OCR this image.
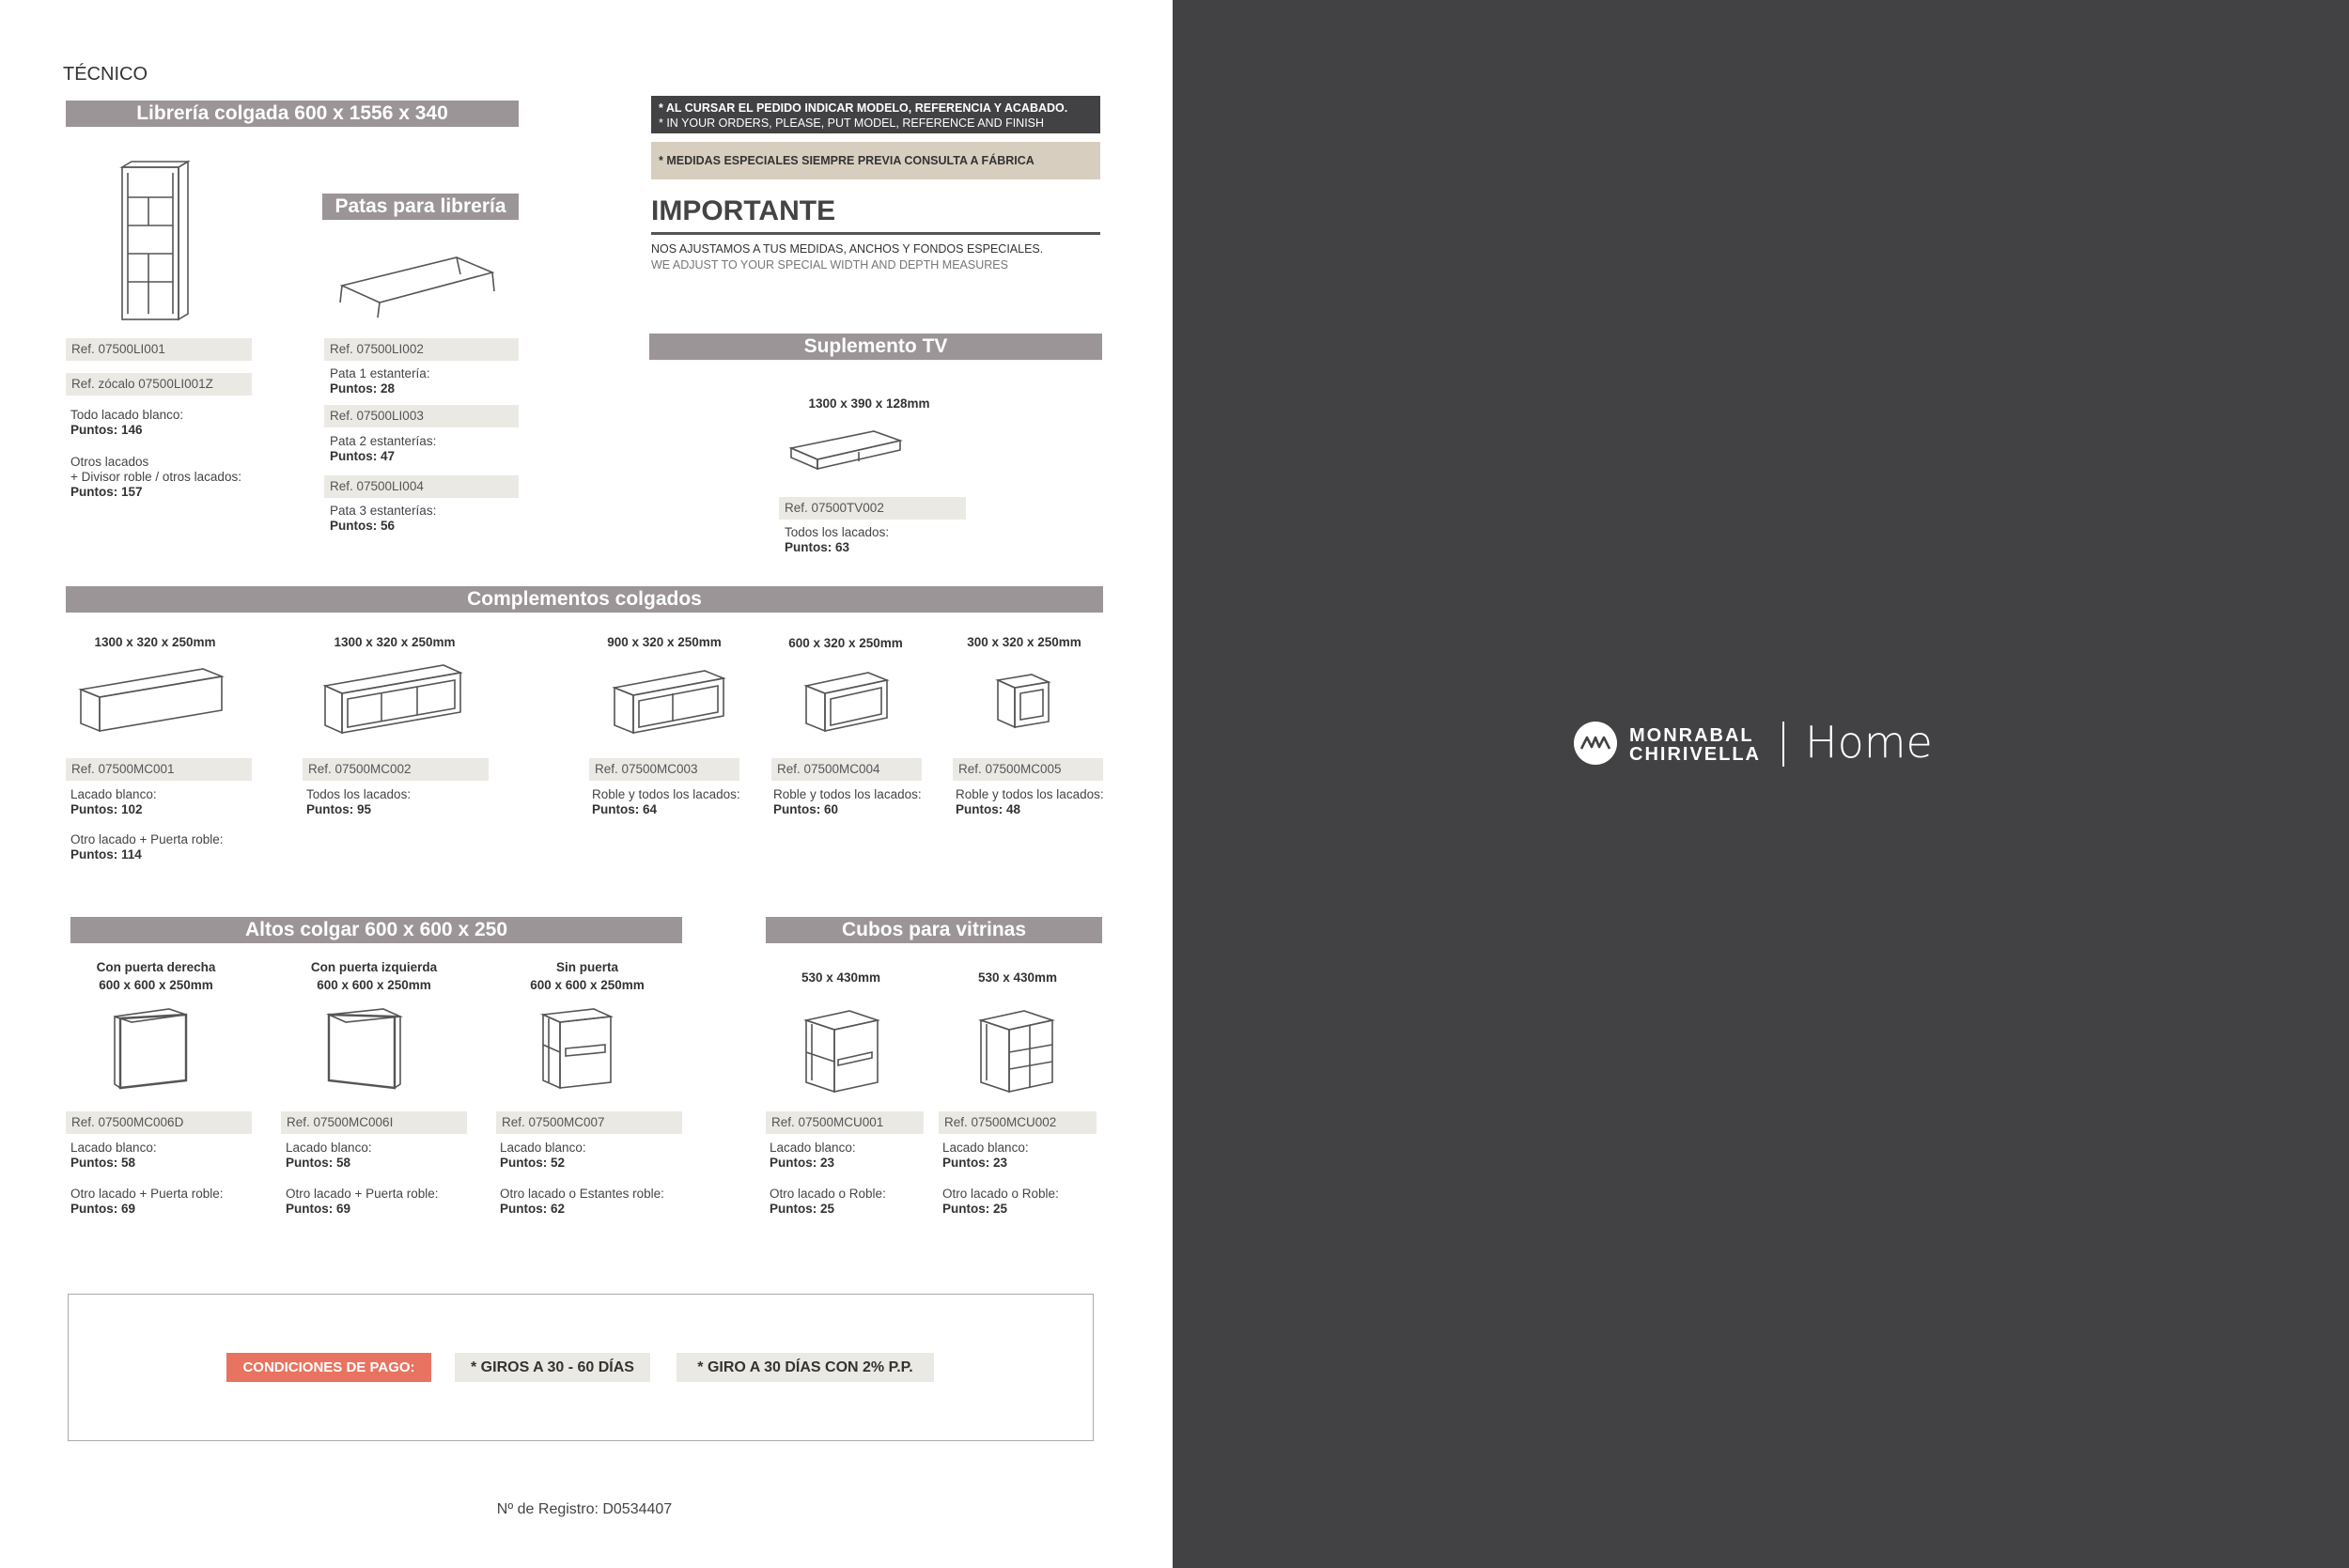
TÉCNICO
Librería colgada 600 x 1556 x 340
Ref. 07500LI001
Ref. zócalo 07500LI001Z
Todo lacado blanco:
Puntos: 146
Otros lacados
+ Divisor roble / otros lacados:
Puntos: 157
Patas para librería
Ref. 07500LI002
Pata 1 estantería:
Puntos: 28
Ref. 07500LI003
Pata 2 estanterías:
Puntos: 47
Ref. 07500LI004
Pata 3 estanterías:
Puntos: 56
* AL CURSAR EL PEDIDO INDICAR MODELO, REFERENCIA Y ACABADO.
* IN YOUR ORDERS, PLEASE, PUT MODEL, REFERENCE AND FINISH
* MEDIDAS ESPECIALES SIEMPRE PREVIA CONSULTA A FÁBRICA
IMPORTANTE
NOS AJUSTAMOS A TUS MEDIDAS, ANCHOS Y FONDOS ESPECIALES.
WE ADJUST TO YOUR SPECIAL WIDTH AND DEPTH MEASURES
Suplemento TV
1300 x 390 x 128mm
Ref. 07500TV002
Todos los lacados:
Puntos: 63
Complementos colgados
1300 x 320 x 250mm
Ref. 07500MC001
Lacado blanco:
Puntos: 102
Otro lacado + Puerta roble:
Puntos: 114
1300 x 320 x 250mm
Ref. 07500MC002
Todos los lacados:
Puntos: 95
900 x 320 x 250mm
Ref. 07500MC003
Roble y todos los lacados:
Puntos: 64
600 x 320 x 250mm
Ref. 07500MC004
Roble y todos los lacados:
Puntos: 60
300 x 320 x 250mm
Ref. 07500MC005
Roble y todos los lacados:
Puntos: 48
Altos colgar 600 x 600 x 250
Con puerta derecha
600 x 600 x 250mm
Ref. 07500MC006D
Lacado blanco:
Puntos: 58
Otro lacado + Puerta roble:
Puntos: 69
Con puerta izquierda
600 x 600 x 250mm
Ref. 07500MC006I
Lacado blanco:
Puntos: 58
Otro lacado + Puerta roble:
Puntos: 69
Sin puerta
600 x 600 x 250mm
Ref. 07500MC007
Lacado blanco:
Puntos: 52
Otro lacado o Estantes roble:
Puntos: 62
Cubos para vitrinas
530 x 430mm
Ref. 07500MCU001
Lacado blanco:
Puntos: 23
Otro lacado o Roble:
Puntos: 25
530 x 430mm
Ref. 07500MCU002
Lacado blanco:
Puntos: 23
Otro lacado o Roble:
Puntos: 25
CONDICIONES DE PAGO:	* GIROS A 30 - 60 DÍAS	* GIRO A 30 DÍAS CON 2% P.P.
Nº de Registro: D0534407
MONRABAL
CHIRIVELLA Home
